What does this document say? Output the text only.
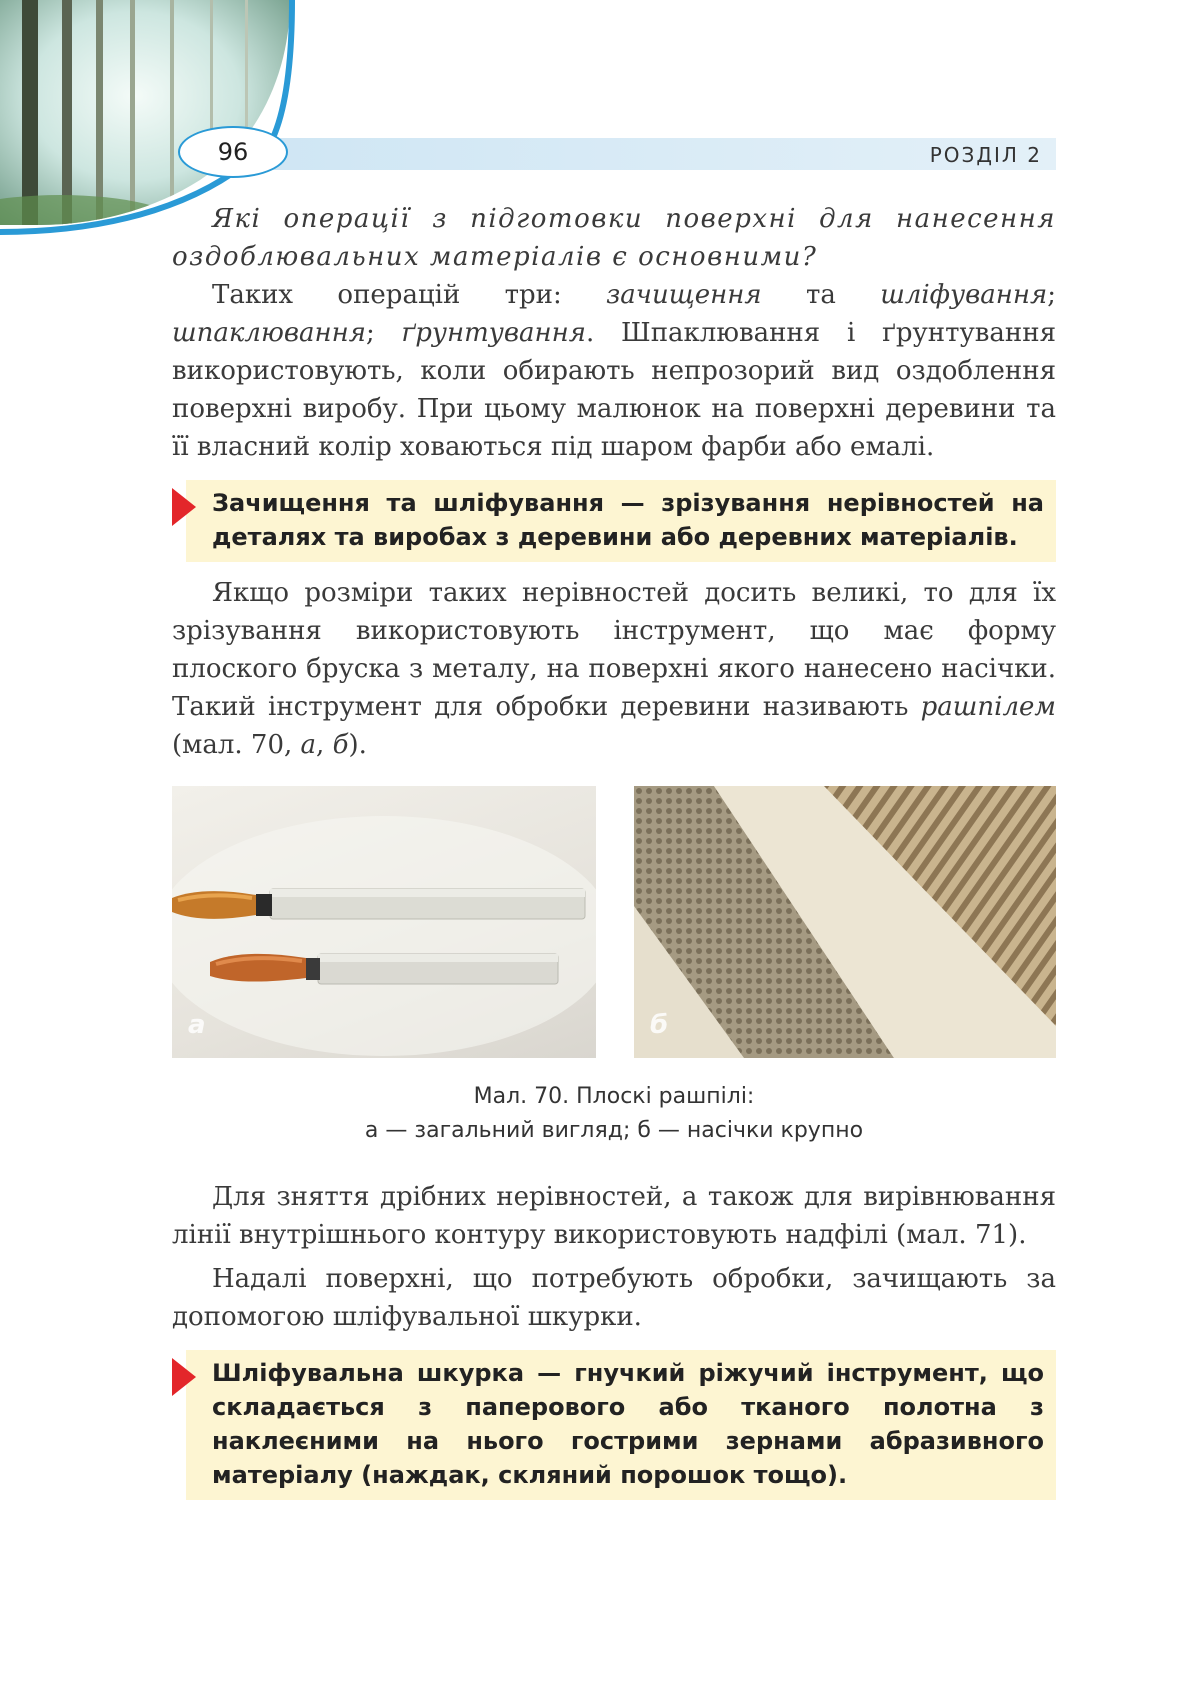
РОЗДІЛ 2
96

Які операції з підготовки поверхні для нанесення оздоблювальних матеріалів є основними?

Таких операцій три: зачищення та шліфування; шпаклювання; ґрунтування. Шпаклювання і ґрунтування використовують, коли обирають непрозорий вид оздоблення поверхні виробу. При цьому малюнок на поверхні деревини та її власний колір ховаються під шаром фарби або емалі.

Зачищення та шліфування — зрізування нерівностей на деталях та виробах з деревини або деревних матеріалів.

Якщо розміри таких нерівностей досить великі, то для їх зрізування використовують інструмент, що має форму плоского бруска з металу, на поверхні якого нанесено насічки. Такий інструмент для обробки деревини називають рашпілем (мал. 70, а, б).

а	б
Мал. 70. Плоскі рашпілі:
а — загальний вигляд; б — насічки крупно

Для зняття дрібних нерівностей, а також для вирівнювання лінії внутрішнього контуру використовують надфілі (мал. 71).

Надалі поверхні, що потребують обробки, зачищають за допомогою шліфувальної шкурки.

Шліфувальна шкурка — гнучкий ріжучий інструмент, що складається з паперового або тканого полотна з наклеєними на нього гострими зернами абразивного матеріалу (наждак, скляний порошок тощо).
